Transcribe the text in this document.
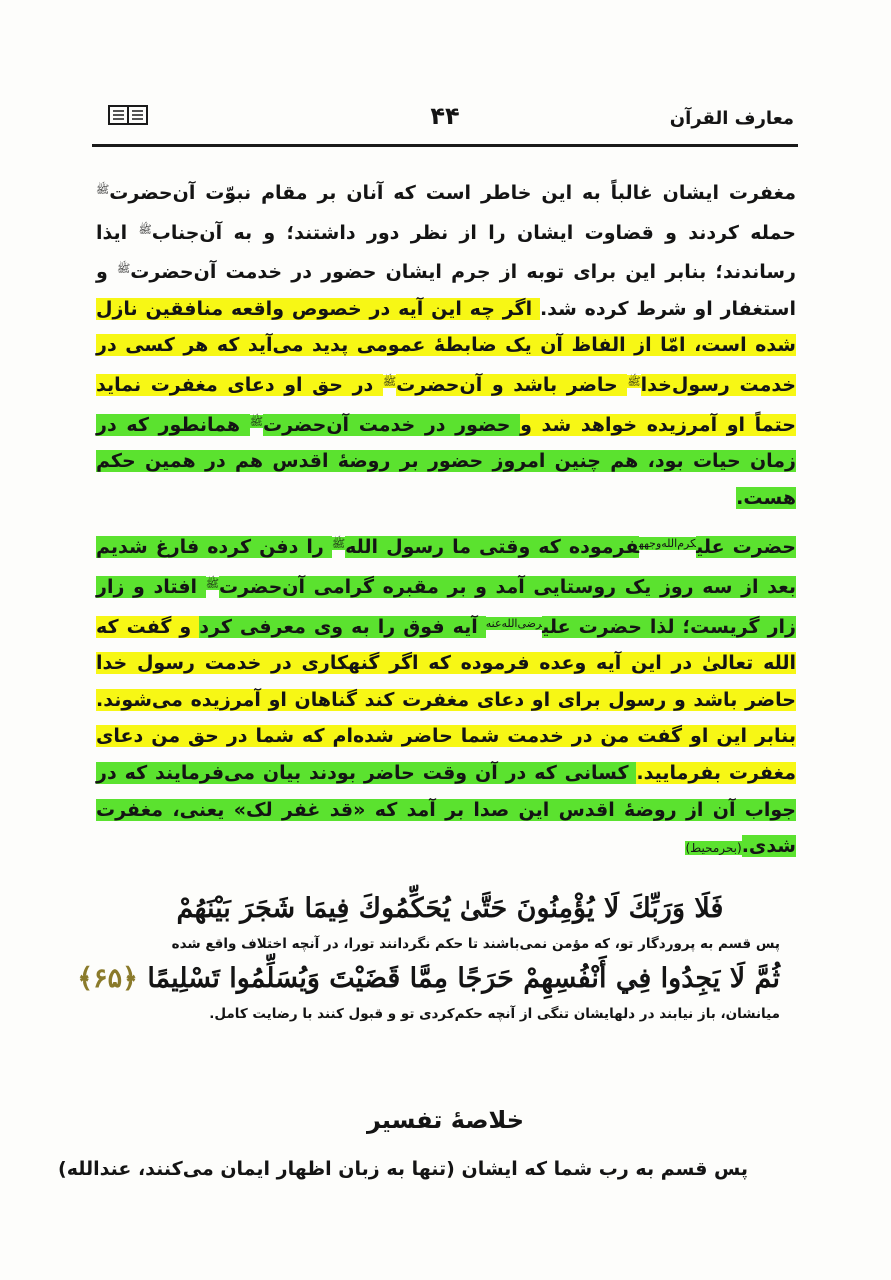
۴۴	معارف القرآن

مغفرت ایشان غالباً به این خاطر است که آنان بر مقام نبوّت آن‌حضرت$^ﷺ$ حمله کردند و قضاوت ایشان را از نظر دور داشتند؛ و به آن‌جناب$^ﷺ$ ایذا رساندند؛ بنابر این برای توبه از جرم ایشان حضور در خدمت آن‌حضرت$^ﷺ$ و استغفار او شرط کرده شد. اگر چه این آیه در خصوص واقعه منافقین نازل شده است، امّا از الفاظ آن یک ضابطهٔ عمومی پدید می‌آید که هر کسی در خدمت رسول‌خدا$^ﷺ$ حاضر باشد و آن‌حضرت$^ﷺ$ در حق او دعای مغفرت نماید حتماً او آمرزیده خواهد شد و حضور در خدمت آن‌حضرت$^ﷺ$ همانطور که در زمان حیات بود، هم چنین امروز حضور بر روضهٔ اقدس هم در همین حکم هست.

حضرت علی$^{کرم‌الله‌وجهه}$فرموده که وقتی ما رسول الله$^ﷺ$ را دفن کرده فارغ شدیم بعد از سه روز یک روستایی آمد و بر مقبره گرامی آن‌حضرت$^ﷺ$ افتاد و زار زار گریست؛ لذا حضرت علی$^{رضی‌الله‌عنه}$ آیه فوق را به وی معرفی کرد و گفت که الله تعالیٰ در این آیه وعده فرموده که اگر گنهکاری در خدمت رسول خدا حاضر باشد و رسول برای او دعای مغفرت کند گناهان او آمرزیده می‌شوند. بنابر این او گفت من در خدمت شما حاضر شده‌ام که شما در حق من دعای مغفرت بفرمایید. کسانی که در آن وقت حاضر بودند بیان می‌فرمایند که در جواب آن از روضهٔ اقدس این صدا بر آمد که «قد غفر لک» یعنی، مغفرت شدی.(بحرمحیط)

فَلَا وَرَبِّكَ لَا يُؤْمِنُونَ حَتَّىٰ يُحَكِّمُوكَ فِيمَا شَجَرَ بَيْنَهُمْ

پس قسم به پروردگار تو، که مؤمن نمی‌باشند تا حکم نگردانند تورا، در آنچه اختلاف واقع شده

ثُمَّ لَا يَجِدُوا فِي أَنْفُسِهِمْ حَرَجًا مِمَّا قَضَيْتَ وَيُسَلِّمُوا تَسْلِيمًا ﴿۶۵﴾

میانشان، باز نیابند در دلهایشان تنگی از آنچه حکم‌کردی تو و قبول کنند با رضایت کامل.

خلاصهٔ تفسیر
پس قسم به رب شما که ایشان (تنها به زبان اظهار ایمان می‌کنند، عندالله)
